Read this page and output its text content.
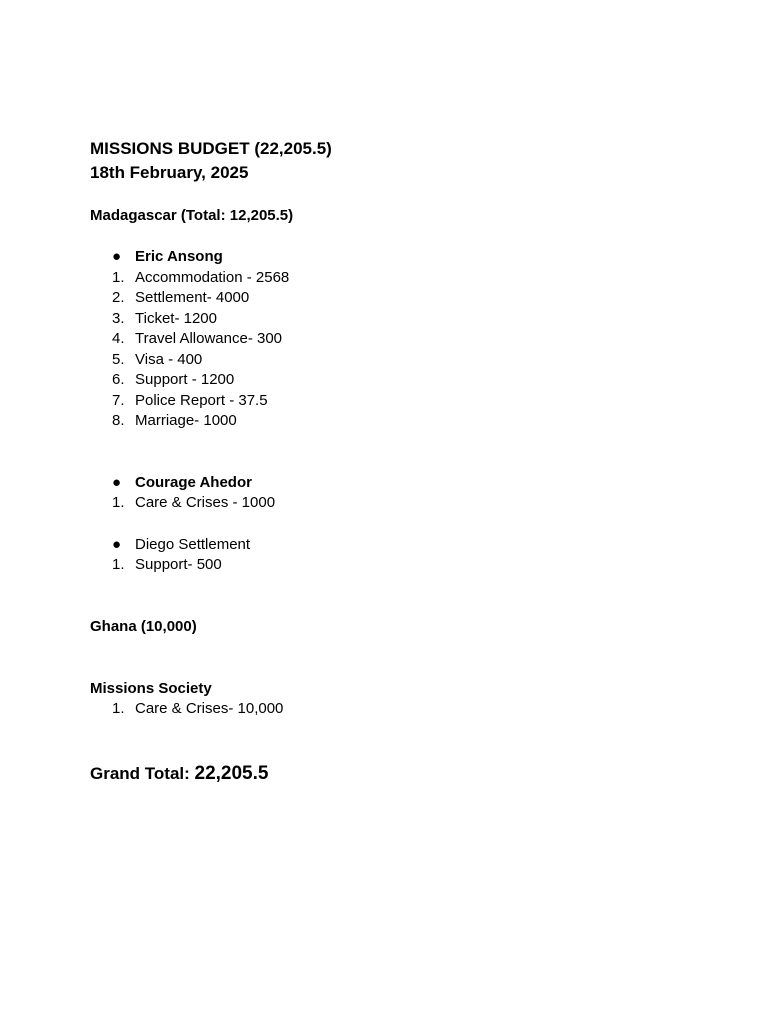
MISSIONS BUDGET (22,205.5)

18th February, 2025

Madagascar (Total: 12,205.5)

● Eric Ansong

1. Accommodation - 2568

2. Settlement- 4000

3. Ticket- 1200

4. Travel Allowance- 300

5. Visa - 400

6. Support - 1200

7. Police Report - 37.5

8. Marriage- 1000

● Courage Ahedor

1. Care & Crises - 1000

● Diego Settlement

1. Support- 500

Ghana (10,000)

Missions Society

1. Care & Crises- 10,000

Grand Total: 22,205.5
